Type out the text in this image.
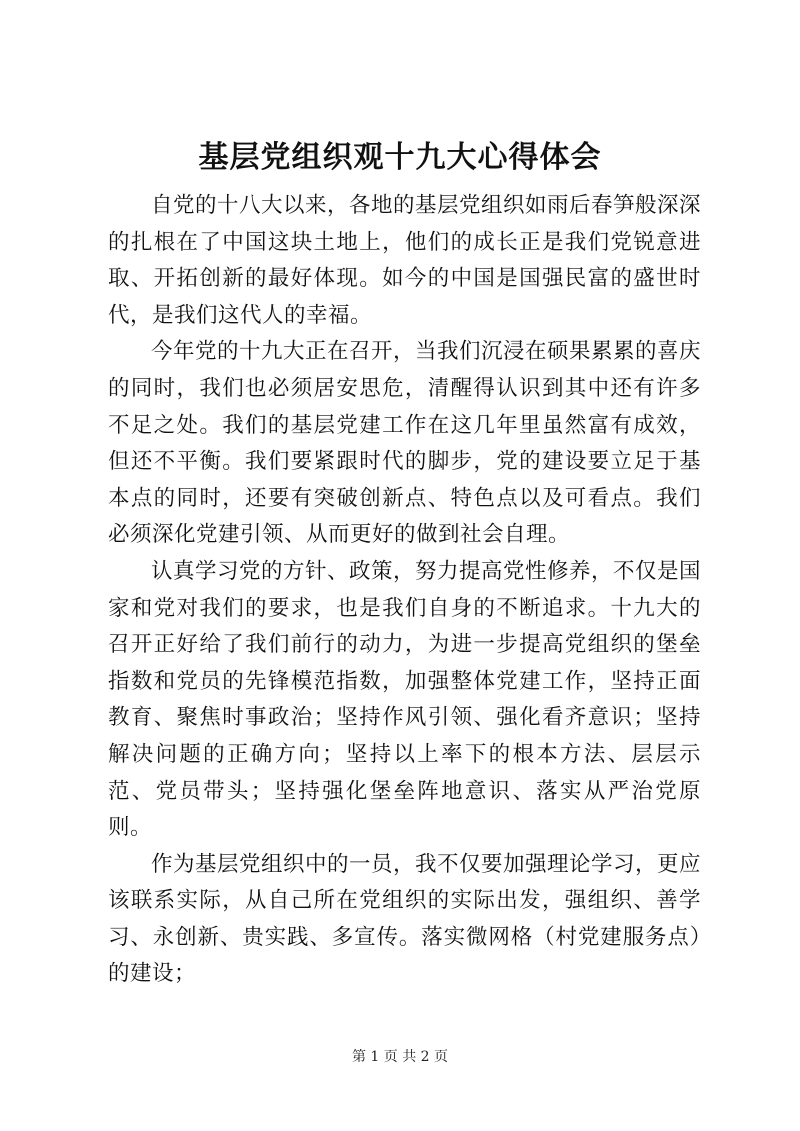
基层党组织观十九大心得体会

自党的十八大以来，各地的基层党组织如雨后春笋般深深的扎根在了中国这块土地上，他们的成长正是我们党锐意进取、开拓创新的最好体现。如今的中国是国强民富的盛世时代，是我们这代人的幸福。

今年党的十九大正在召开，当我们沉浸在硕果累累的喜庆的同时，我们也必须居安思危，清醒得认识到其中还有许多不足之处。我们的基层党建工作在这几年里虽然富有成效，但还不平衡。我们要紧跟时代的脚步，党的建设要立足于基本点的同时，还要有突破创新点、特色点以及可看点。我们必须深化党建引领、从而更好的做到社会自理。

认真学习党的方针、政策，努力提高党性修养，不仅是国家和党对我们的要求，也是我们自身的不断追求。十九大的召开正好给了我们前行的动力，为进一步提高党组织的堡垒指数和党员的先锋模范指数，加强整体党建工作，坚持正面教育、聚焦时事政治；坚持作风引领、强化看齐意识；坚持解决问题的正确方向；坚持以上率下的根本方法、层层示范、党员带头；坚持强化堡垒阵地意识、落实从严治党原则。

作为基层党组织中的一员，我不仅要加强理论学习，更应该联系实际，从自己所在党组织的实际出发，强组织、善学习、永创新、贵实践、多宣传。落实微网格（村党建服务点）的建设；

第 1 页 共 2 页
